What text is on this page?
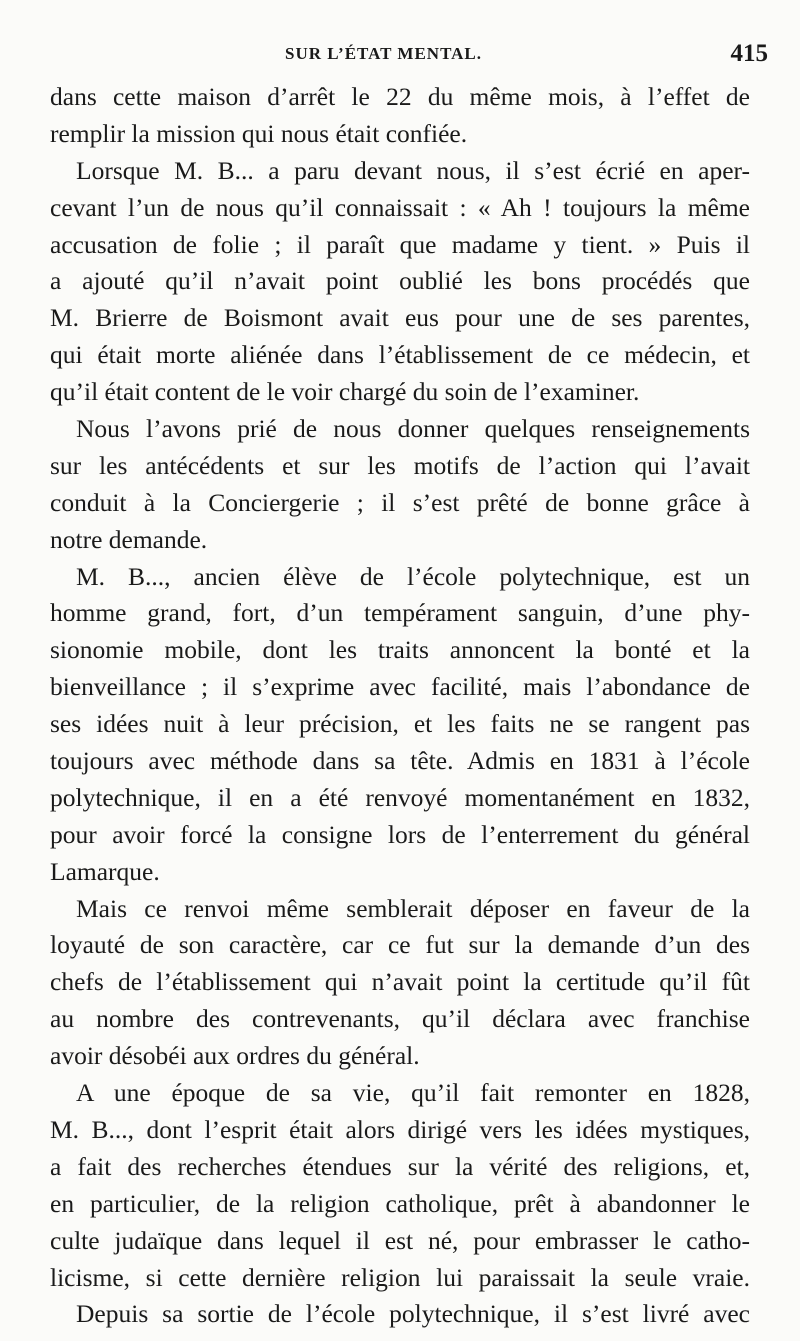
SUR L’ÉTAT MENTAL.	415
dans cette maison d’arrêt le 22 du même mois, à l’effet de
remplir la mission qui nous était confiée.
Lorsque M. B... a paru devant nous, il s’est écrié en aper-
cevant l’un de nous qu’il connaissait : « Ah ! toujours la même
accusation de folie ; il paraît que madame y tient. » Puis il
a ajouté qu’il n’avait point oublié les bons procédés que
M. Brierre de Boismont avait eus pour une de ses parentes,
qui était morte aliénée dans l’établissement de ce médecin, et
qu’il était content de le voir chargé du soin de l’examiner.
Nous l’avons prié de nous donner quelques renseignements
sur les antécédents et sur les motifs de l’action qui l’avait
conduit à la Conciergerie ; il s’est prêté de bonne grâce à
notre demande.
M. B..., ancien élève de l’école polytechnique, est un
homme grand, fort, d’un tempérament sanguin, d’une phy-
sionomie mobile, dont les traits annoncent la bonté et la
bienveillance ; il s’exprime avec facilité, mais l’abondance de
ses idées nuit à leur précision, et les faits ne se rangent pas
toujours avec méthode dans sa tête. Admis en 1831 à l’école
polytechnique, il en a été renvoyé momentanément en 1832,
pour avoir forcé la consigne lors de l’enterrement du général
Lamarque.
Mais ce renvoi même semblerait déposer en faveur de la
loyauté de son caractère, car ce fut sur la demande d’un des
chefs de l’établissement qui n’avait point la certitude qu’il fût
au nombre des contrevenants, qu’il déclara avec franchise
avoir désobéi aux ordres du général.
A une époque de sa vie, qu’il fait remonter en 1828,
M. B..., dont l’esprit était alors dirigé vers les idées mystiques,
a fait des recherches étendues sur la vérité des religions, et,
en particulier, de la religion catholique, prêt à abandonner le
culte judaïque dans lequel il est né, pour embrasser le catho-
licisme, si cette dernière religion lui paraissait la seule vraie.
Depuis sa sortie de l’école polytechnique, il s’est livré avec
